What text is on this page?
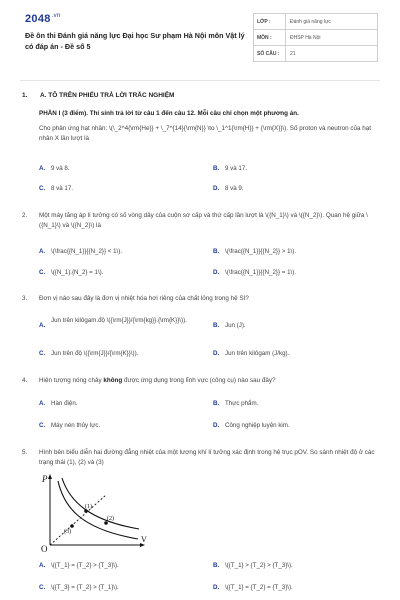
$2048^{.vn}$
Đề ôn thi Đánh giá năng lực Đại học Sư phạm Hà Nội môn Vật lý có đáp án - Đề số 5
LỚP :	Đánh giá năng lực
MÔN :	ĐHSP Hà Nội
SỐ CÂU :	21
1. A. TÔ TRÊN PHIẾU TRẢ LỜI TRẮC NGHIỆM
PHẦN I (3 điểm). Thí sinh trả lời từ câu 1 đến câu 12. Mỗi câu chỉ chọn một phương án.
Cho phản ứng hạt nhân: \(\_2^4{\rm{He}} + \_7^{14}{\rm{N}} \to \_1^1{\rm{H}} + {\rm{X}}\). Số proton và neutron của hạt nhân X lần lượt là
A. 9 và 8.	B. 9 và 17.
C. 8 và 17.	D. 8 và 9.
2. Một máy tăng áp lí tưởng có số vòng dây của cuộn sơ cấp và thứ cấp lần lượt là \({N_1}\) và \({N_2}\). Quan hệ giữa \({N_1}\) và \({N_2}\) là
A. \(\frac{{N_1}}{{N_2}} < 1\).	B. \(\frac{{N_1}}{{N_2}} > 1\).
C. \({N_1}.{N_2} = 1\).	D. \(\frac{{N_1}}{{N_2}} = 1\).
3. Đơn vị nào sau đây là đơn vị nhiệt hóa hơi riêng của chất lỏng trong hệ SI?
A.
Jun trên kilôgam.độ \({\rm{J}}/{\rm{kg}}.{\rm{K}}\)).
B. Jun (J).
C. Jun trên độ \({\rm{J}}/{\rm{K}}\)).	D. Jun trên kilôgam (J/kg).
4. Hiện tượng nóng chảy không được ứng dụng trong lĩnh vực (công cụ) nào sau đây?
A. Hàn điện.	B. Thực phẩm.
C. Máy nén thủy lực.	D. Công nghiệp luyện kim.
5. Hình bên biểu diễn hai đường đẳng nhiệt của một lượng khí lí tưởng xác định trong hệ trục pOV. So sánh nhiệt độ ở các trạng thái (1), (2) và (3)
P
O
V
(1)
(2)
(3)
A. \({T_1} = {T_2} > {T_3}\).	B. \({T_1} > {T_2} > {T_3}\).
C. \({T_3} = {T_2} > {T_1}\).	D. \({T_1} = {T_2} = {T_3}\).
